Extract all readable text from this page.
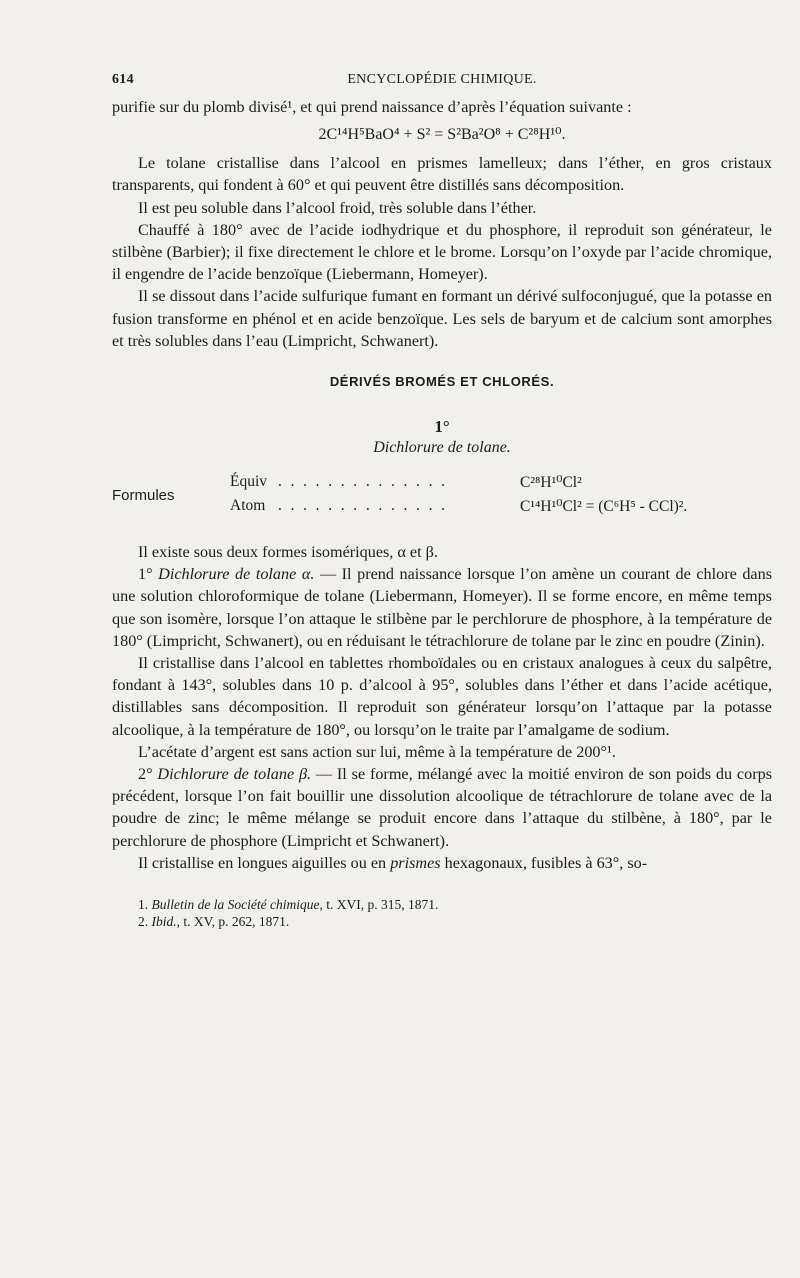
614	ENCYCLOPÉDIE CHIMIQUE.

purifie sur du plomb divisé¹, et qui prend naissance d’après l’équation suivante :

2C¹⁴H⁵BaO⁴ + S² = S²Ba²O⁸ + C²⁸H¹⁰.

Le tolane cristallise dans l’alcool en prismes lamelleux; dans l’éther, en gros cristaux transparents, qui fondent à 60° et qui peuvent être distillés sans décomposition.

Il est peu soluble dans l’alcool froid, très soluble dans l’éther.

Chauffé à 180° avec de l’acide iodhydrique et du phosphore, il reproduit son générateur, le stilbène (Barbier); il fixe directement le chlore et le brome. Lorsqu’on l’oxyde par l’acide chromique, il engendre de l’acide benzoïque (Liebermann, Homeyer).

Il se dissout dans l’acide sulfurique fumant en formant un dérivé sulfoconjugué, que la potasse en fusion transforme en phénol et en acide benzoïque. Les sels de baryum et de calcium sont amorphes et très solubles dans l’eau (Limpricht, Schwanert).

DÉRIVÉS BROMÉS ET CHLORÉS.
1°
Dichlorure de tolane.
Formules
Équiv . . . . . . . . . . . . . .	C²⁸H¹⁰Cl²
Atom . . . . . . . . . . . . . .	C¹⁴H¹⁰Cl² = (C⁶H⁵ - CCl)².

Il existe sous deux formes isomériques, α et β.

1° Dichlorure de tolane α. — Il prend naissance lorsque l’on amène un courant de chlore dans une solution chloroformique de tolane (Liebermann, Homeyer). Il se forme encore, en même temps que son isomère, lorsque l’on attaque le stilbène par le perchlorure de phosphore, à la température de 180° (Limpricht, Schwanert), ou en réduisant le tétrachlorure de tolane par le zinc en poudre (Zinin).

Il cristallise dans l’alcool en tablettes rhomboïdales ou en cristaux analogues à ceux du salpêtre, fondant à 143°, solubles dans 10 p. d’alcool à 95°, solubles dans l’éther et dans l’acide acétique, distillables sans décomposition. Il reproduit son générateur lorsqu’on l’attaque par la potasse alcoolique, à la température de 180°, ou lorsqu’on le traite par l’amalgame de sodium.

L’acétate d’argent est sans action sur lui, même à la température de 200°¹.

2° Dichlorure de tolane β. — Il se forme, mélangé avec la moitié environ de son poids du corps précédent, lorsque l’on fait bouillir une dissolution alcoolique de tétrachlorure de tolane avec de la poudre de zinc; le même mélange se produit encore dans l’attaque du stilbène, à 180°, par le perchlorure de phosphore (Limpricht et Schwanert).

Il cristallise en longues aiguilles ou en prismes hexagonaux, fusibles à 63°, so-

1. Bulletin de la Société chimique, t. XVI, p. 315, 1871.
2. Ibid., t. XV, p. 262, 1871.
